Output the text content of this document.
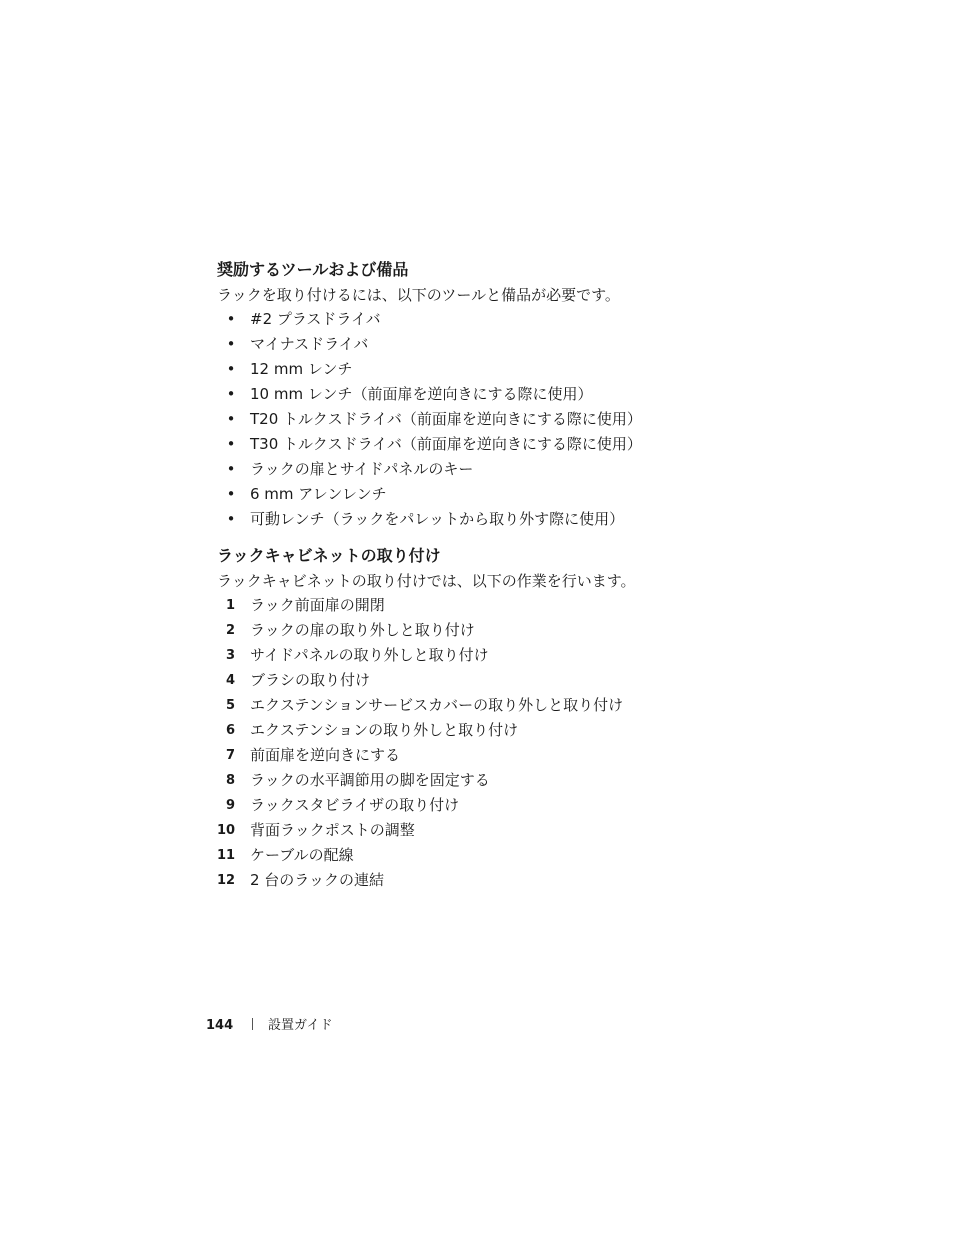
奨励するツールおよび備品

ラックを取り付けるには、以下のツールと備品が必要です。

• #2 プラスドライバ
• マイナスドライバ
• 12 mm レンチ
• 10 mm レンチ（前面扉を逆向きにする際に使用）
• T20 トルクスドライバ（前面扉を逆向きにする際に使用）
• T30 トルクスドライバ（前面扉を逆向きにする際に使用）
• ラックの扉とサイドパネルのキー
• 6 mm アレンレンチ
• 可動レンチ（ラックをパレットから取り外す際に使用）
ラックキャビネットの取り付け

ラックキャビネットの取り付けでは、以下の作業を行います。

1 ラック前面扉の開閉
2 ラックの扉の取り外しと取り付け
3 サイドパネルの取り外しと取り付け
4 ブラシの取り付け
5 エクステンションサービスカバーの取り外しと取り付け
6 エクステンションの取り外しと取り付け
7 前面扉を逆向きにする
8 ラックの水平調節用の脚を固定する
9 ラックスタビライザの取り付け
10 背面ラックポストの調整
11 ケーブルの配線
12 2 台のラックの連結
144	設置ガイド
